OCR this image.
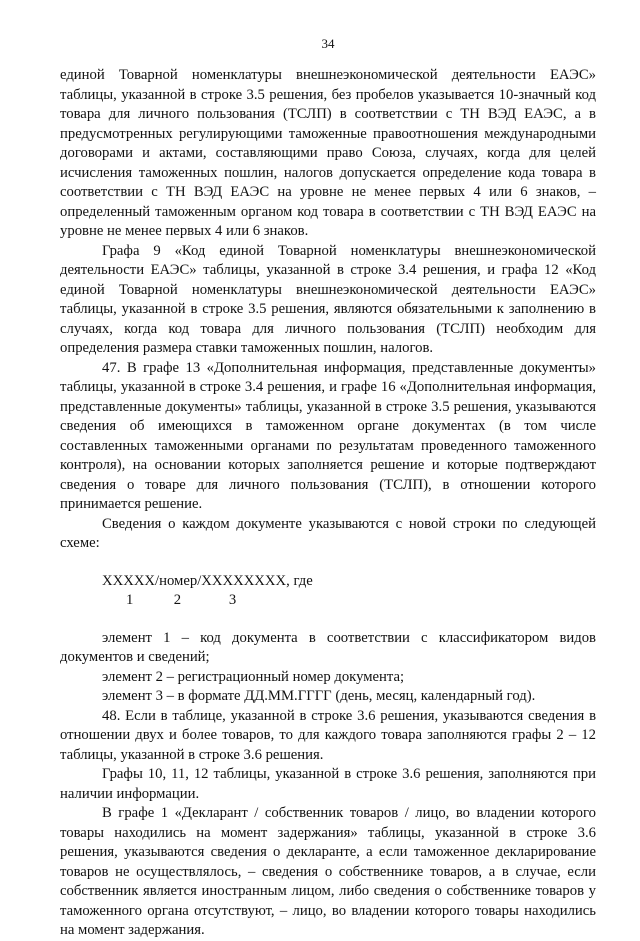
34

единой Товарной номенклатуры внешнеэкономической деятельности ЕАЭС» таблицы, указанной в строке 3.5 решения, без пробелов указывается 10-значный код товара для личного пользования (ТСЛП) в соответствии с ТН ВЭД ЕАЭС, а в предусмотренных регулирующими таможенные правоотношения международными договорами и актами, составляющими право Союза, случаях, когда для целей исчисления таможенных пошлин, налогов допускается определение кода товара в соответствии с ТН ВЭД ЕАЭС на уровне не менее первых 4 или 6 знаков, – определенный таможенным органом код товара в соответствии с ТН ВЭД ЕАЭС на уровне не менее первых 4 или 6 знаков.

Графа 9 «Код единой Товарной номенклатуры внешнеэкономической деятельности ЕАЭС» таблицы, указанной в строке 3.4 решения, и графа 12 «Код единой Товарной номенклатуры внешнеэкономической деятельности ЕАЭС» таблицы, указанной в строке 3.5 решения, являются обязательными к заполнению в случаях, когда код товара для личного пользования (ТСЛП) необходим для определения размера ставки таможенных пошлин, налогов.

47. В графе 13 «Дополнительная информация, представленные документы» таблицы, указанной в строке 3.4 решения, и графе 16 «Дополнительная информация, представленные документы» таблицы, указанной в строке 3.5 решения, указываются сведения об имеющихся в таможенном органе документах (в том числе составленных таможенными органами по результатам проведенного таможенного контроля), на основании которых заполняется решение и которые подтверждают сведения о товаре для личного пользования (ТСЛП), в отношении которого принимается решение.

Сведения о каждом документе указываются с новой строки по следующей схеме:

ХХХХХ/номер/ХХХХХХХХ, где
1	2	3

элемент 1 – код документа в соответствии с классификатором видов документов и сведений;

элемент 2 – регистрационный номер документа;

элемент 3 – в формате ДД.ММ.ГГГГ (день, месяц, календарный год).

48. Если в таблице, указанной в строке 3.6 решения, указываются сведения в отношении двух и более товаров, то для каждого товара заполняются графы 2 – 12 таблицы, указанной в строке 3.6 решения.

Графы 10, 11, 12 таблицы, указанной в строке 3.6 решения, заполняются при наличии информации.

В графе 1 «Декларант / собственник товаров / лицо, во владении которого товары находились на момент задержания» таблицы, указанной в строке 3.6 решения, указываются сведения о декларанте, а если таможенное декларирование товаров не осуществлялось, – сведения о собственнике товаров, а в случае, если собственник является иностранным лицом, либо сведения о собственнике товаров у таможенного органа отсутствуют, – лицо, во владении которого товары находились на момент задержания.
